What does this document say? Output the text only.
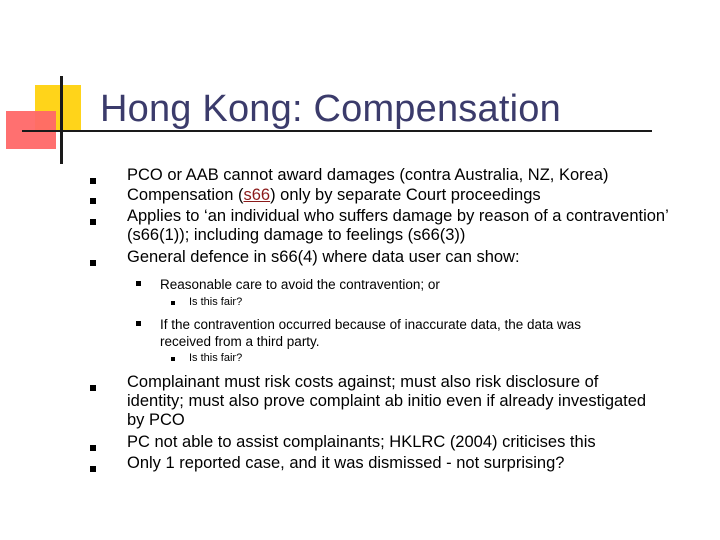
Hong Kong: Compensation
PCO or AAB cannot award damages (contra Australia, NZ, Korea)
Compensation (s66) only by separate Court proceedings
Applies to ‘an individual who suffers damage by reason of a contravention’
(s66(1)); including damage to feelings (s66(3))
General defence in s66(4) where data user can show:
Reasonable care to avoid the contravention; or
Is this fair?
If the contravention occurred because of inaccurate data, the data was
received from a third party.
Is this fair?
Complainant must risk costs against; must also risk disclosure of
identity; must also prove complaint ab initio even if already investigated
by PCO
PC not able to assist complainants; HKLRC (2004) criticises this
Only 1 reported case, and it was dismissed - not surprising?
